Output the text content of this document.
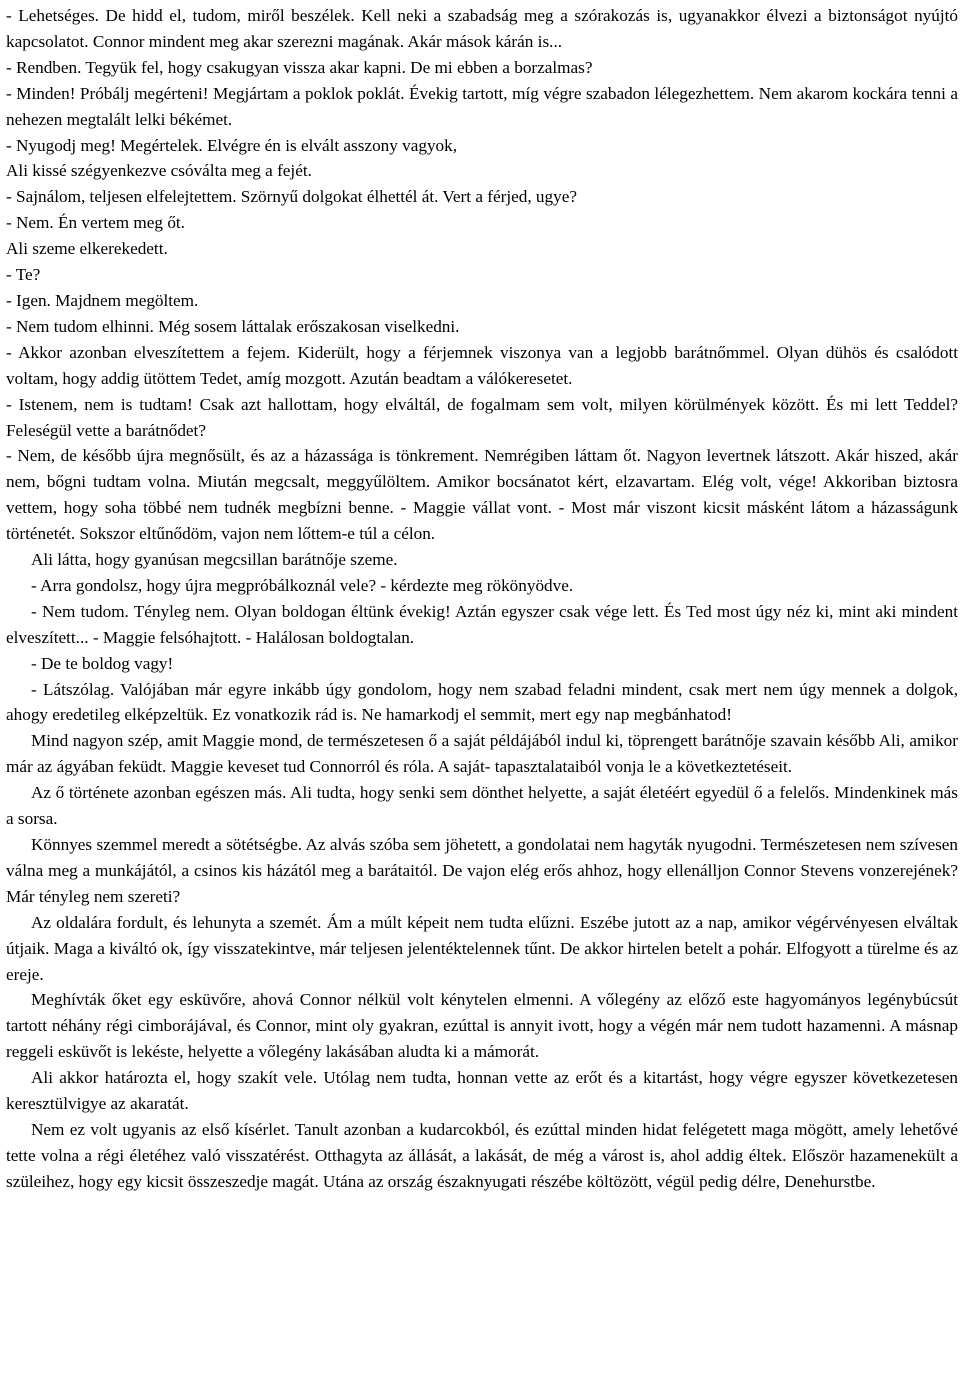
- Lehetséges. De hidd el, tudom, miről beszélek. Kell neki a szabadság meg a szórakozás is, ugyanakkor élvezi a biztonságot nyújtó kapcsolatot. Connor mindent meg akar szerezni magának. Akár mások kárán is...

- Rendben. Tegyük fel, hogy csakugyan vissza akar kapni. De mi ebben a borzalmas?

- Minden! Próbálj megérteni! Megjártam a poklok poklát. Évekig tartott, míg végre szabadon lélegezhettem. Nem akarom kockára tenni a nehezen megtalált lelki békémet.

- Nyugodj meg! Megértelek. Elvégre én is elvált asszony vagyok,

Ali kissé szégyenkezve csóválta meg a fejét.

- Sajnálom, teljesen elfelejtettem. Szörnyű dolgokat élhettél át. Vert a férjed, ugye?

- Nem. Én vertem meg őt.

Ali szeme elkerekedett.

- Te?

- Igen. Majdnem megöltem.

- Nem tudom elhinni. Még sosem láttalak erőszakosan viselkedni.

- Akkor azonban elveszítettem a fejem. Kiderült, hogy a férjemnek viszonya van a legjobb barátnőmmel. Olyan dühös és csalódott voltam, hogy addig ütöttem Tedet, amíg mozgott. Azután beadtam a válókeresetet.

- Istenem, nem is tudtam! Csak azt hallottam, hogy elváltál, de fogalmam sem volt, milyen körülmények között. És mi lett Teddel? Feleségül vette a barátnődet?

- Nem, de később újra megnősült, és az a házassága is tönkrement. Nemrégiben láttam őt. Nagyon levertnek látszott. Akár hiszed, akár nem, bőgni tudtam volna. Miután megcsalt, meggyűlöltem. Amikor bocsánatot kért, elzavartam. Elég volt, vége! Akkoriban biztosra vettem, hogy soha többé nem tudnék megbízni benne. - Maggie vállat vont. - Most már viszont kicsit másként látom a házasságunk történetét. Sokszor eltűnődöm, vajon nem lőttem-e túl a célon.

Ali látta, hogy gyanúsan megcsillan barátnője szeme.

- Arra gondolsz, hogy újra megpróbálkoznál vele? - kérdezte meg rökönyödve.

- Nem tudom. Tényleg nem. Olyan boldogan éltünk évekig! Aztán egyszer csak vége lett. És Ted most úgy néz ki, mint aki mindent elveszített... - Maggie felsóhajtott. - Halálosan boldogtalan.

- De te boldog vagy!

- Látszólag. Valójában már egyre inkább úgy gondolom, hogy nem szabad feladni mindent, csak mert nem úgy mennek a dolgok, ahogy eredetileg elképzeltük. Ez vonatkozik rád is. Ne hamarkodj el semmit, mert egy nap megbánhatod!

Mind nagyon szép, amit Maggie mond, de természetesen ő a saját példájából indul ki, töprengett barátnője szavain később Ali, amikor már az ágyában feküdt. Maggie keveset tud Connorról és róla. A saját- tapasztalataiból vonja le a következtetéseit.

Az ő története azonban egészen más. Ali tudta, hogy senki sem dönthet helyette, a saját életéért egyedül ő a felelős. Mindenkinek más a sorsa.

Könnyes szemmel meredt a sötétségbe. Az alvás szóba sem jöhetett, a gondolatai nem hagyták nyugodni. Természetesen nem szívesen válna meg a munkájától, a csinos kis házától meg a barátaitól. De vajon elég erős ahhoz, hogy ellenálljon Connor Stevens vonzerejének? Már tényleg nem szereti?

Az oldalára fordult, és lehunyta a szemét. Ám a múlt képeit nem tudta elűzni. Eszébe jutott az a nap, amikor végérvényesen elváltak útjaik. Maga a kiváltó ok, így visszatekintve, már teljesen jelentéktelennek tűnt. De akkor hirtelen betelt a pohár. Elfogyott a türelme és az ereje.

Meghívták őket egy esküvőre, ahová Connor nélkül volt kénytelen elmenni. A vőlegény az előző este hagyományos legénybúcsút tartott néhány régi cimborájával, és Connor, mint oly gyakran, ezúttal is annyit ivott, hogy a végén már nem tudott hazamenni. A másnap reggeli esküvőt is lekéste, helyette a vőlegény lakásában aludta ki a mámorát.

Ali akkor határozta el, hogy szakít vele. Utólag nem tudta, honnan vette az erőt és a kitartást, hogy végre egyszer következetesen keresztülvigye az akaratát.

Nem ez volt ugyanis az első kísérlet. Tanult azonban a kudarcokból, és ezúttal minden hidat felégetett maga mögött, amely lehetővé tette volna a régi életéhez való visszatérést. Otthagyta az állását, a lakását, de még a várost is, ahol addig éltek. Először hazamenekült a szüleihez, hogy egy kicsit összeszedje magát. Utána az ország északnyugati részébe költözött, végül pedig délre, Denehurstbe.
